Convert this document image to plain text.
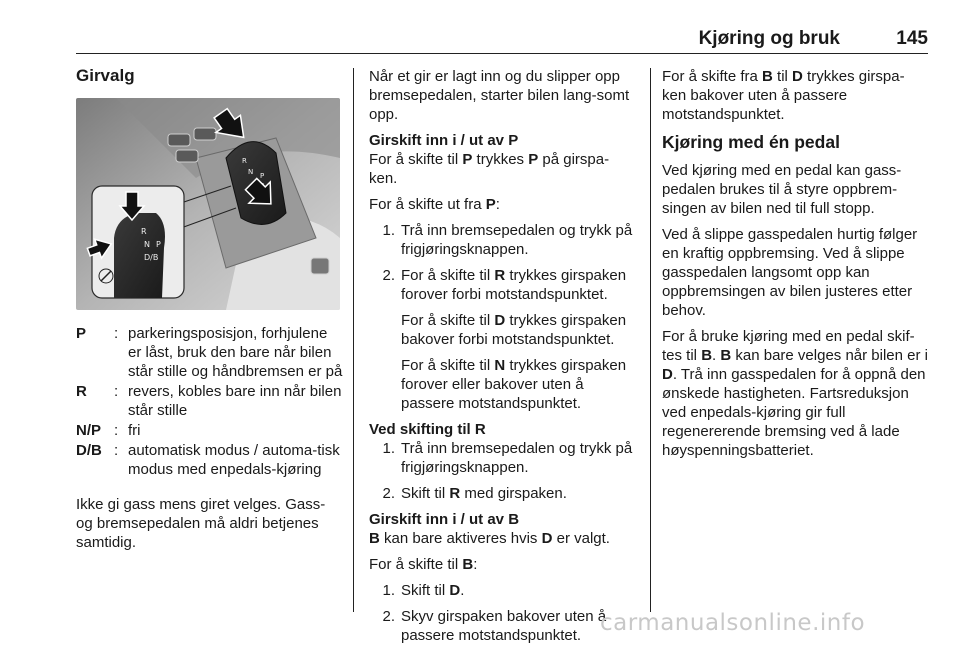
Kjøring og bruk	145
Girvalg
R
N P
R
N P
D/B
P	: parkeringsposisjon, forhjulene er låst, bruk den bare når bilen står stille og håndbremsen er på
R	: revers, kobles bare inn når bilen står stille
N/P : fri
D/B : automatisk modus / automa-tisk modus med enpedals-kjøring

Ikke gi gass mens giret velges. Gass- og bremsepedalen må aldri betjenes samtidig.

Når et gir er lagt inn og du slipper opp bremsepedalen, starter bilen lang-somt opp.

Girskift inn i / ut av P

For å skifte til P trykkes P på girspa-ken.

For å skifte ut fra P:

1. Trå inn bremsepedalen og trykk på frigjøringsknappen.
2. For å skifte til R trykkes girspaken forover forbi motstandspunktet.
For å skifte til D trykkes girspaken bakover forbi motstandspunktet.
For å skifte til N trykkes girspaken forover eller bakover uten å passere motstandspunktet.
Ved skifting til R
1. Trå inn bremsepedalen og trykk på frigjøringsknappen.
2. Skift til R med girspaken.
Girskift inn i / ut av B

B kan bare aktiveres hvis D er valgt.

For å skifte til B:

1. Skift til D.
2. Skyv girspaken bakover uten å passere motstandspunktet.

For å skifte fra B til D trykkes girspa-ken bakover uten å passere motstandspunktet.

Kjøring med én pedal

Ved kjøring med en pedal kan gass-pedalen brukes til å styre oppbrem-singen av bilen ned til full stopp.

Ved å slippe gasspedalen hurtig følger en kraftig oppbremsing. Ved å slippe gasspedalen langsomt opp kan oppbremsingen av bilen justeres etter behov.

For å bruke kjøring med en pedal skif-tes til B. B kan bare velges når bilen er i D. Trå inn gasspedalen for å oppnå den ønskede hastigheten. Fartsreduksjon ved enpedals-kjøring gir full regenererende bremsing ved å lade høyspenningsbatteriet.

carmanualsonline.info
